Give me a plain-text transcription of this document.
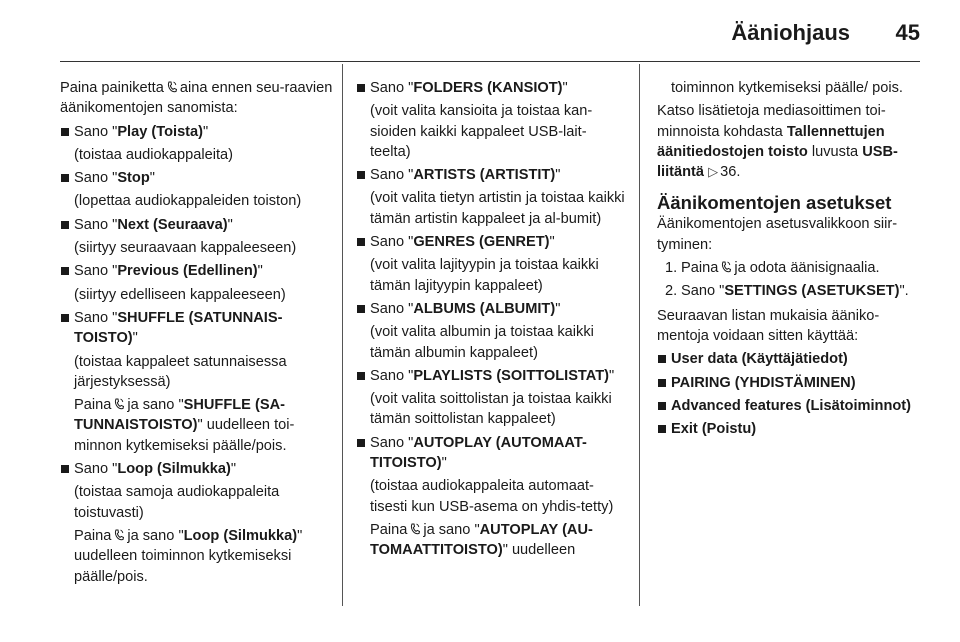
Ääniohjaus 45

Paina painiketta aina ennen seu-raavien äänikomentojen sanomista:

Sano "Play (Toista)"
(toistaa audiokappaleita)
Sano "Stop"
(lopettaa audiokappaleiden toiston)
Sano "Next (Seuraava)"
(siirtyy seuraavaan kappaleeseen)
Sano "Previous (Edellinen)"
(siirtyy edelliseen kappaleeseen)
Sano "SHUFFLE (SATUNNAIS-TOISTO)"
(toistaa kappaleet satunnaisessa järjestyksessä)
Paina ja sano "SHUFFLE (SA-TUNNAISTOISTO)" uudelleen toi-minnon kytkemiseksi päälle/pois.
Sano "Loop (Silmukka)"
(toistaa samoja audiokappaleita toistuvasti)
Paina ja sano "Loop (Silmukka)" uudelleen toiminnon kytkemiseksi päälle/pois.
Sano "FOLDERS (KANSIOT)"
(voit valita kansioita ja toistaa kan-sioiden kaikki kappaleet USB-lait-teelta)
Sano "ARTISTS (ARTISTIT)"
(voit valita tietyn artistin ja toistaa kaikki tämän artistin kappaleet ja al-bumit)
Sano "GENRES (GENRET)"
(voit valita lajityypin ja toistaa kaikki tämän lajityypin kappaleet)
Sano "ALBUMS (ALBUMIT)"
(voit valita albumin ja toistaa kaikki tämän albumin kappaleet)
Sano "PLAYLISTS (SOITTOLISTAT)"
(voit valita soittolistan ja toistaa kaikki tämän soittolistan kappaleet)
Sano "AUTOPLAY (AUTOMAAT-TITOISTO)"
(toistaa audiokappaleita automaat-tisesti kun USB-asema on yhdis-tetty)
Paina ja sano "AUTOPLAY (AU-TOMAATTITOISTO)" uudelleen
toiminnon kytkemiseksi päälle/ pois.

Katso lisätietoja mediasoittimen toi-minnoista kohdasta Tallennettujen äänitiedostojen toisto luvusta USB-liitäntä ▷ 36.

Äänikomentojen asetukset

Äänikomentojen asetusvalikkoon siir-tyminen:

1. Paina ja odota äänisignaalia.
2. Sano "SETTINGS (ASETUKSET)".

Seuraavan listan mukaisia ääniko-mentoja voidaan sitten käyttää:

User data (Käyttäjätiedot)
PAIRING (YHDISTÄMINEN)
Advanced features (Lisätoiminnot)
Exit (Poistu)
